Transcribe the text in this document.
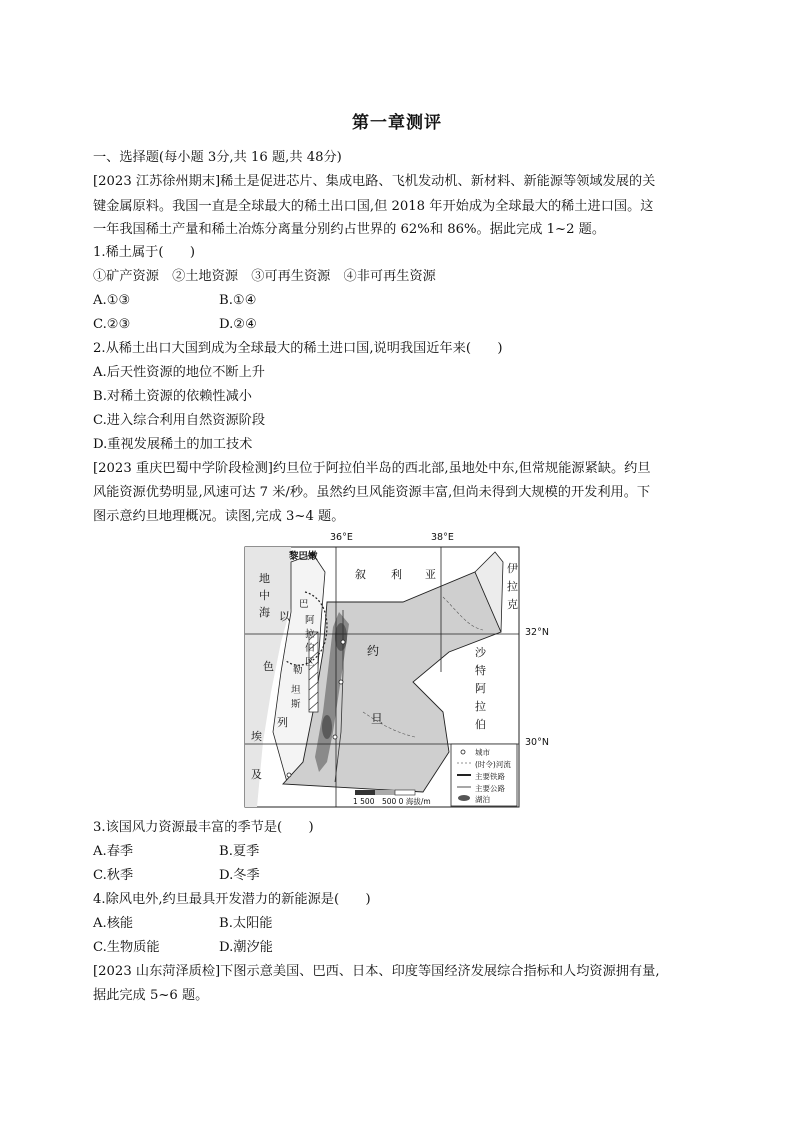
第一章测评
一、选择题(每小题 3分,共 16 题,共 48分)
[2023 江苏徐州期末]稀土是促进芯片、集成电路、飞机发动机、新材料、新能源等领域发展的关
键金属原料。我国一直是全球最大的稀土出口国,但 2018 年开始成为全球最大的稀土进口国。这
一年我国稀土产量和稀土冶炼分离量分别约占世界的 62%和 86%。据此完成 1~2 题。
1.稀土属于(　　)
①矿产资源　②土地资源　③可再生资源　④非可再生资源
A.①③	B.①④
C.②③	D.②④
2.从稀土出口大国到成为全球最大的稀土进口国,说明我国近年来(　　)
A.后天性资源的地位不断上升
B.对稀土资源的依赖性减小
C.进入综合利用自然资源阶段
D.重视发展稀土的加工技术
[2023 重庆巴蜀中学阶段检测]约旦位于阿拉伯半岛的西北部,虽地处中东,但常规能源紧缺。约旦
风能资源优势明显,风速可达 7 米/秒。虽然约旦风能资源丰富,但尚未得到大规模的开发利用。下
图示意约旦地理概况。读图,完成 3~4 题。
36°E	38°E
32°N
30°N
黎巴嫩
地
中
海
叙 利 亚	伊
拉
克
约
旦
沙
特
阿
拉
伯
以
色
列
巴
勒
斯
坦
阿
拉
伯
区
埃
及
城市
(时令)河流
主要铁路
主要公路
湖泊
1 500　500 0 海拔/m
3.该国风力资源最丰富的季节是(　　)
A.春季	B.夏季
C.秋季	D.冬季
4.除风电外,约旦最具开发潜力的新能源是(　　)
A.核能	B.太阳能
C.生物质能	D.潮汐能
[2023 山东菏泽质检]下图示意美国、巴西、日本、印度等国经济发展综合指标和人均资源拥有量,
据此完成 5~6 题。
